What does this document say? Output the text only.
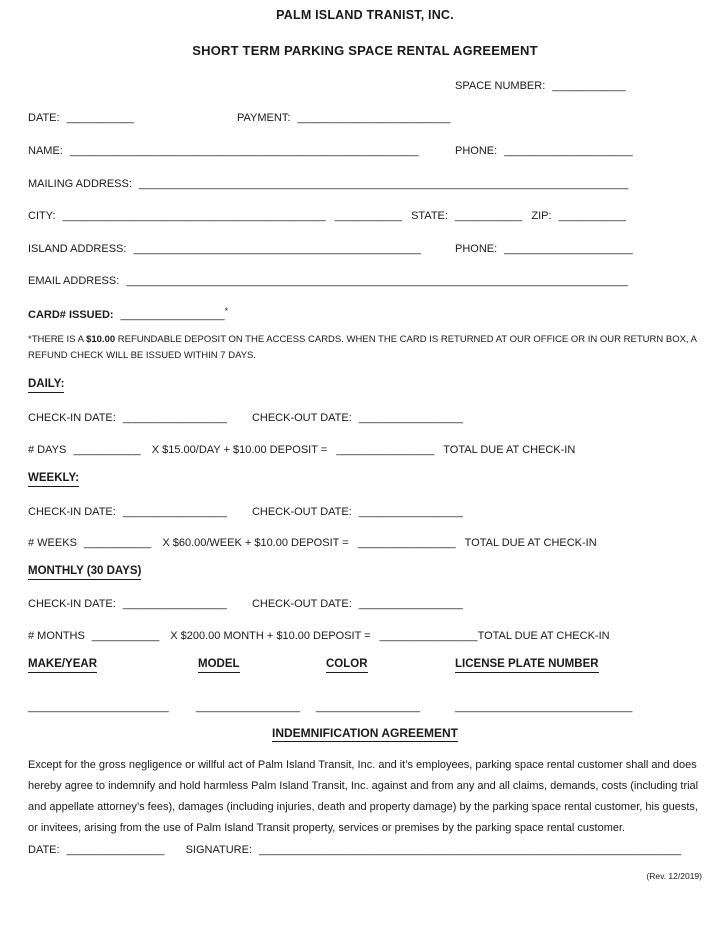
PALM ISLAND TRANIST, INC.
SHORT TERM PARKING SPACE RENTAL AGREEMENT
SPACE NUMBER: ____________
DATE: ___________	PAYMENT: _________________________
NAME: _________________________________________________________	PHONE: _____________________
MAILING ADDRESS: ________________________________________________________________________________
CITY: ___________________________________________ ___________ STATE: ___________ ZIP: ___________
ISLAND ADDRESS: _______________________________________________	PHONE: _____________________
EMAIL ADDRESS: __________________________________________________________________________________
CARD# ISSUED: _________________*
*THERE IS A $10.00 REFUNDABLE DEPOSIT ON THE ACCESS CARDS. WHEN THE CARD IS RETURNED AT OUR OFFICE OR IN OUR RETURN BOX, A REFUND CHECK WILL BE ISSUED WITHIN 7 DAYS.
DAILY:
CHECK-IN DATE: _________________ CHECK-OUT DATE: _________________
# DAYS ___________ X $15.00/DAY + $10.00 DEPOSIT = ________________ TOTAL DUE AT CHECK-IN
WEEKLY:
CHECK-IN DATE: _________________ CHECK-OUT DATE: _________________
# WEEKS ___________ X $60.00/WEEK + $10.00 DEPOSIT = ________________ TOTAL DUE AT CHECK-IN
MONTHLY (30 DAYS)
CHECK-IN DATE: _________________ CHECK-OUT DATE: _________________
# MONTHS ___________ X $200.00 MONTH + $10.00 DEPOSIT = ________________TOTAL DUE AT CHECK-IN
MAKE/YEAR	MODEL	COLOR	LICENSE PLATE NUMBER
_______________________ _________________ _________________	_____________________________
INDEMNIFICATION AGREEMENT
Except for the gross negligence or willful act of Palm Island Transit, Inc. and it’s employees, parking space rental customer shall and does hereby agree to indemnify and hold harmless Palm Island Transit, Inc. against and from any and all claims, demands, costs (including trial and appellate attorney’s fees), damages (including injuries, death and property damage) by the parking space rental customer, his guests, or invitees, arising from the use of Palm Island Transit property, services or premises by the parking space rental customer.
DATE: ________________ SIGNATURE: _____________________________________________________________________
(Rev. 12/2019)
